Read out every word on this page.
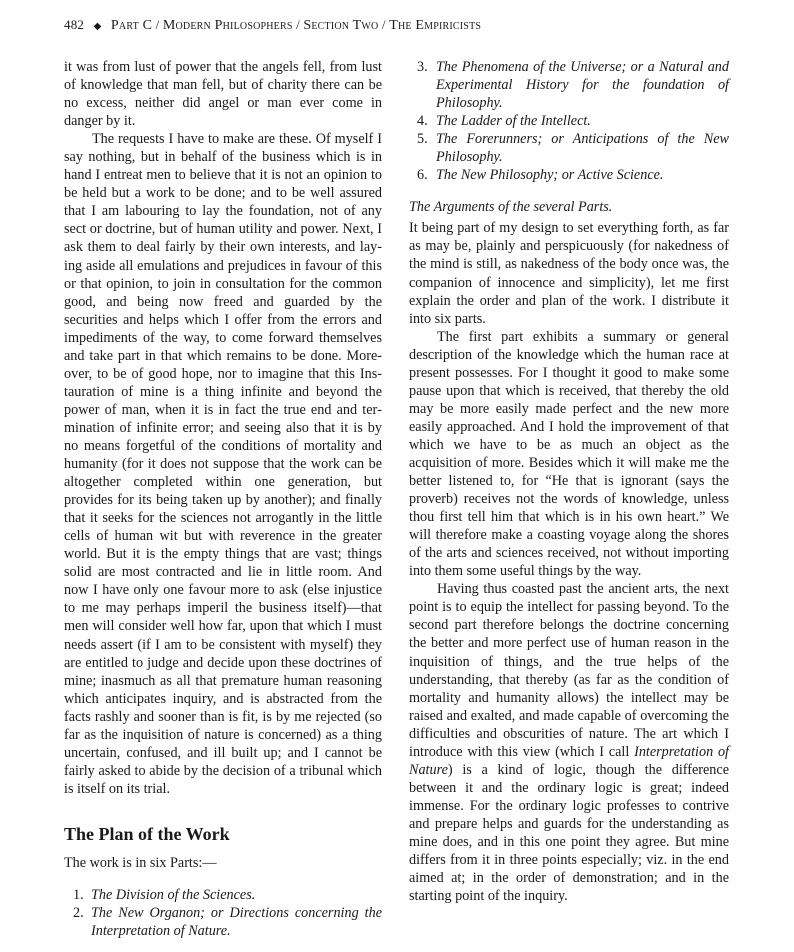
482 ◆ Part C / Modern Philosophers / Section Two / The Empiricists

it was from lust of power that the angels fell, from lust of knowledge that man fell, but of charity there can be no excess, neither did angel or man ever come in danger by it.

The requests I have to make are these. Of myself I say nothing, but in behalf of the business which is in hand I entreat men to believe that it is not an opinion to be held but a work to be done; and to be well assured that I am labouring to lay the foundation, not of any sect or doctrine, but of human utility and power. Next, I ask them to deal fairly by their own interests, and laying aside all emulations and prejudices in favour of this or that opinion, to join in consultation for the common good, and being now freed and guarded by the securities and helps which I offer from the errors and impediments of the way, to come forward themselves and take part in that which remains to be done. Moreover, to be of good hope, nor to imagine that this Instauration of mine is a thing infinite and beyond the power of man, when it is in fact the true end and termination of infinite error; and seeing also that it is by no means forgetful of the conditions of mortality and humanity (for it does not suppose that the work can be altogether completed within one generation, but provides for its being taken up by another); and finally that it seeks for the sciences not arrogantly in the little cells of human wit but with reverence in the greater world. But it is the empty things that are vast; things solid are most contracted and lie in little room. And now I have only one favour more to ask (else injustice to me may perhaps imperil the business itself)—that men will consider well how far, upon that which I must needs assert (if I am to be consistent with myself) they are entitled to judge and decide upon these doctrines of mine; inasmuch as all that premature human reasoning which anticipates inquiry, and is abstracted from the facts rashly and sooner than is fit, is by me rejected (so far as the inquisition of nature is concerned) as a thing uncertain, confused, and ill built up; and I cannot be fairly asked to abide by the decision of a tribunal which is itself on its trial.

The Plan of the Work

The work is in six Parts:—

1. The Division of the Sciences.
2. The New Organon; or Directions concerning the Interpretation of Nature.
3. The Phenomena of the Universe; or a Natural and Experimental History for the foundation of Philosophy.
4. The Ladder of the Intellect.
5. The Forerunners; or Anticipations of the New Philosophy.
6. The New Philosophy; or Active Science.

The Arguments of the several Parts.

It being part of my design to set everything forth, as far as may be, plainly and perspicuously (for nakedness of the mind is still, as nakedness of the body once was, the companion of innocence and simplicity), let me first explain the order and plan of the work. I distribute it into six parts.

The first part exhibits a summary or general description of the knowledge which the human race at present possesses. For I thought it good to make some pause upon that which is received, that thereby the old may be more easily made perfect and the new more easily approached. And I hold the improvement of that which we have to be as much an object as the acquisition of more. Besides which it will make me the better listened to, for “He that is ignorant (says the proverb) receives not the words of knowledge, unless thou first tell him that which is in his own heart.” We will therefore make a coasting voyage along the shores of the arts and sciences received, not without importing into them some useful things by the way.

Having thus coasted past the ancient arts, the next point is to equip the intellect for passing beyond. To the second part therefore belongs the doctrine concerning the better and more perfect use of human reason in the inquisition of things, and the true helps of the understanding, that thereby (as far as the condition of mortality and humanity allows) the intellect may be raised and exalted, and made capable of overcoming the difficulties and obscurities of nature. The art which I introduce with this view (which I call Interpretation of Nature) is a kind of logic, though the difference between it and the ordinary logic is great; indeed immense. For the ordinary logic professes to contrive and prepare helps and guards for the understanding as mine does, and in this one point they agree. But mine differs from it in three points especially; viz. in the end aimed at; in the order of demonstration; and in the starting point of the inquiry.
